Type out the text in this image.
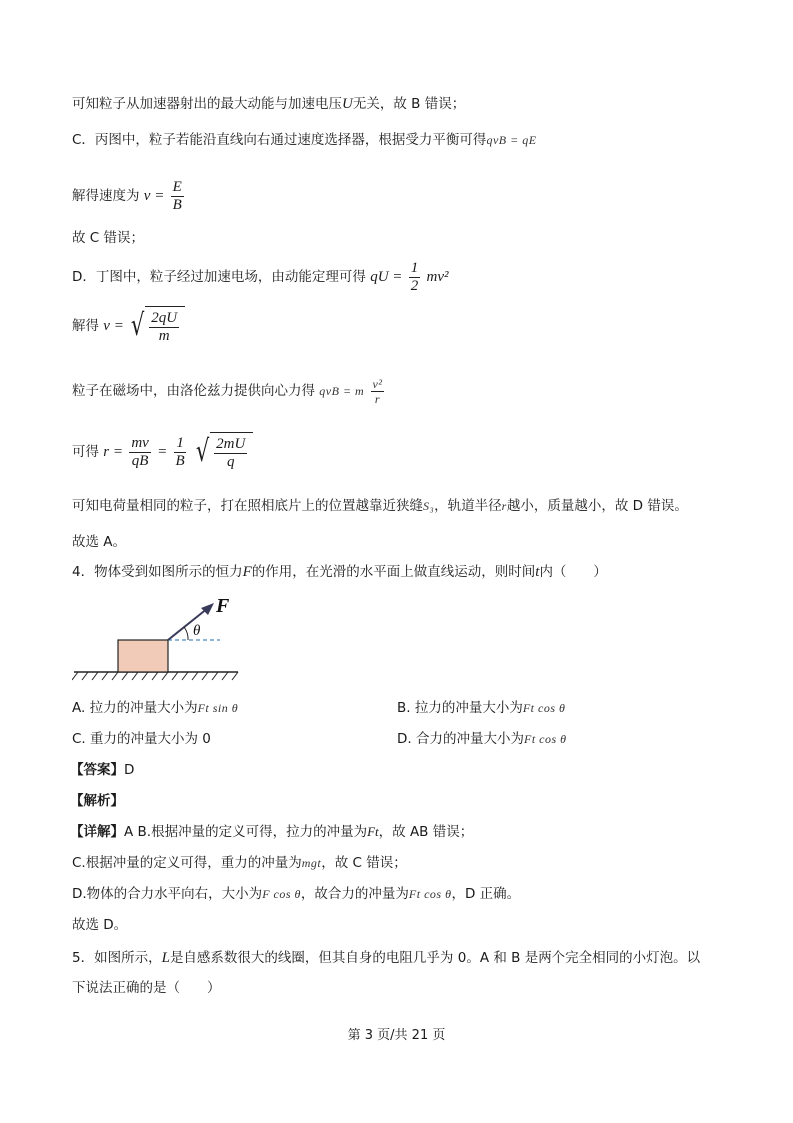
可知粒子从加速器射出的最大动能与加速电压U无关，故 B 错误；
C．丙图中，粒子若能沿直线向右通过速度选择器，根据受力平衡可得qvB = qE
解得速度为 $v = \frac{E}{B}$
故 C 错误；
D．丁图中，粒子经过加速电场，由动能定理可得 qU = $\frac{1}{2} mv^2$
解得 v = √ $\frac{2qU}{m}$
粒子在磁场中，由洛伦兹力提供向心力得 qvB = m $\frac{\text{v²}}{r}$
可得 $r = \frac{mv}{qB} = \frac{1}{B}$
√ $\frac{2mU}{q}$
可知电荷量相同的粒子，打在照相底片上的位置越靠近狭缝S₃，轨道半径r越小，质量越小，故 D 错误。
故选 A。
4．物体受到如图所示的恒力F的作用，在光滑的水平面上做直线运动，则时间t内（　　）
F
θ
A. 拉力的冲量大小为Ft sin θ	B. 拉力的冲量大小为Ft cos θ
C. 重力的冲量大小为 0	D. 合力的冲量大小为Ft cos θ
【答案】D
【解析】
【详解】A B.根据冲量的定义可得，拉力的冲量为Ft，故 AB 错误；
C.根据冲量的定义可得，重力的冲量为mgt，故 C 错误；
D.物体的合力水平向右，大小为F cos θ，故合力的冲量为Ft cos θ，D 正确。
故选 D。
5．如图所示，L是自感系数很大的线圈，但其自身的电阻几乎为 0。A 和 B 是两个完全相同的小灯泡。以
下说法正确的是（　　）
第 3 页/共 21 页
